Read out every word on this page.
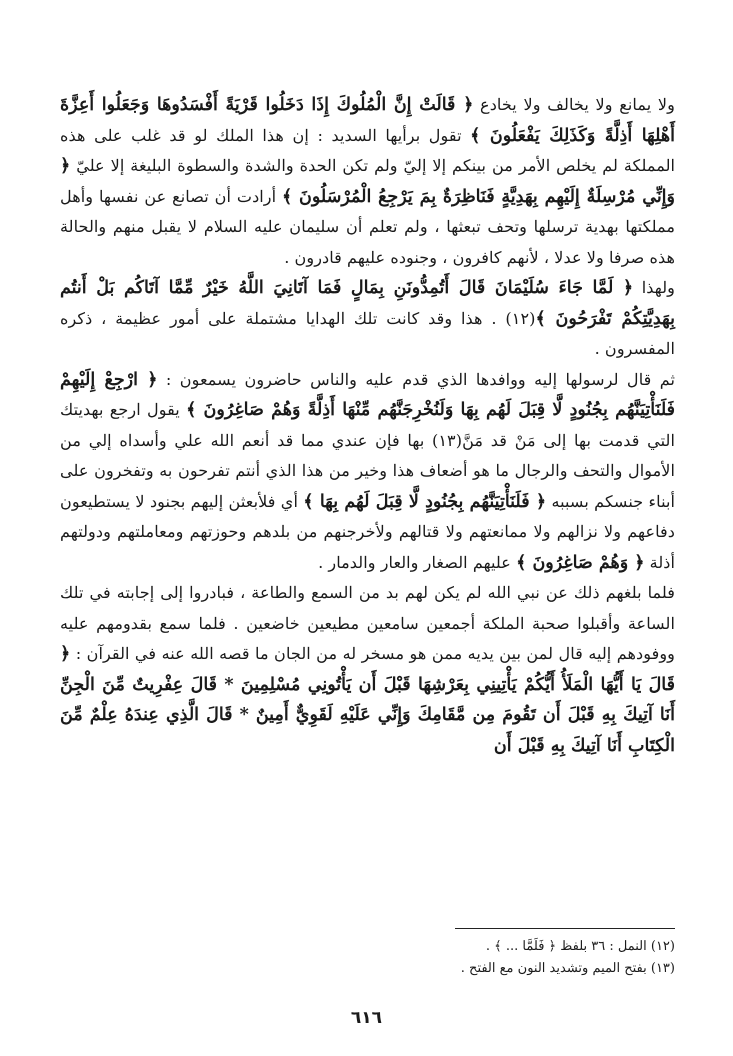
ولا يمانع ولا يخالف ولا يخادع ﴿ قَالَتْ إِنَّ الْمُلُوكَ إِذَا دَخَلُوا قَرْيَةً أَفْسَدُوهَا وَجَعَلُوا أَعِزَّةَ أَهْلِهَا أَذِلَّةً وَكَذَلِكَ يَفْعَلُونَ ﴾ تقول برأيها السديد : إن هذا الملك لو قد غلب على هذه المملكة لم يخلص الأمر من بينكم إلا إليّ ولم تكن الحدة والشدة والسطوة البليغة إلا عليّ ﴿ وَإِنِّي مُرْسِلَةٌ إِلَيْهِم بِهَدِيَّةٍ فَنَاظِرَةٌ بِمَ يَرْجِعُ الْمُرْسَلُونَ ﴾ أرادت أن تصانع عن نفسها وأهل مملكتها بهدية ترسلها وتحف تبعثها ، ولم تعلم أن سليمان عليه السلام لا يقبل منهم والحالة هذه صرفا ولا عدلا ، لأنهم كافرون ، وجنوده عليهم قادرون .

ولهذا ﴿ لَمَّا جَاءَ سُلَيْمَانَ قَالَ أَتُمِدُّونَنِ بِمَالٍ فَمَا آتَانِيَ اللَّهُ خَيْرٌ مِّمَّا آتَاكُم بَلْ أَنتُم بِهَدِيَّتِكُمْ تَفْرَحُونَ ﴾(١٢) . هذا وقد كانت تلك الهدايا مشتملة على أمور عظيمة ، ذكره المفسرون .

ثم قال لرسولها إليه ووافدها الذي قدم عليه والناس حاضرون يسمعون : ﴿ ارْجِعْ إِلَيْهِمْ فَلَنَأْتِيَنَّهُم بِجُنُودٍ لَّا قِبَلَ لَهُم بِهَا وَلَنُخْرِجَنَّهُم مِّنْهَا أَذِلَّةً وَهُمْ صَاغِرُونَ ﴾ يقول ارجع بهديتك التي قدمت بها إلى مَنْ قد مَنَّ(١٣) بها فإن عندي مما قد أنعم الله علي وأسداه إلي من الأموال والتحف والرجال ما هو أضعاف هذا وخير من هذا الذي أنتم تفرحون به وتفخرون على أبناء جنسكم بسببه ﴿ فَلَنَأْتِيَنَّهُم بِجُنُودٍ لَّا قِبَلَ لَهُم بِهَا ﴾ أي فلأبعثن إليهم بجنود لا يستطيعون دفاعهم ولا نزالهم ولا ممانعتهم ولا قتالهم ولأخرجنهم من بلدهم وحوزتهم ومعاملتهم ودولتهم أذلة ﴿ وَهُمْ صَاغِرُونَ ﴾ عليهم الصغار والعار والدمار .

فلما بلغهم ذلك عن نبي الله لم يكن لهم بد من السمع والطاعة ، فبادروا إلى إجابته في تلك الساعة وأقبلوا صحبة الملكة أجمعين سامعين مطيعين خاضعين . فلما سمع بقدومهم عليه ووفودهم إليه قال لمن بين يديه ممن هو مسخر له من الجان ما قصه الله عنه في القرآن : ﴿ قَالَ يَا أَيُّهَا الْمَلَأُ أَيُّكُمْ يَأْتِينِي بِعَرْشِهَا قَبْلَ أَن يَأْتُونِي مُسْلِمِينَ * قَالَ عِفْرِيتٌ مِّنَ الْجِنِّ أَنَا آتِيكَ بِهِ قَبْلَ أَن تَقُومَ مِن مَّقَامِكَ وَإِنِّي عَلَيْهِ لَقَوِيٌّ أَمِينٌ * قَالَ الَّذِي عِندَهُ عِلْمٌ مِّنَ الْكِتَابِ أَنَا آتِيكَ بِهِ قَبْلَ أَن

(١٢) النمل : ٣٦ بلفظ ﴿ فَلَمَّا ... ﴾ .

(١٣) بفتح الميم وتشديد النون مع الفتح .

٦١٦
